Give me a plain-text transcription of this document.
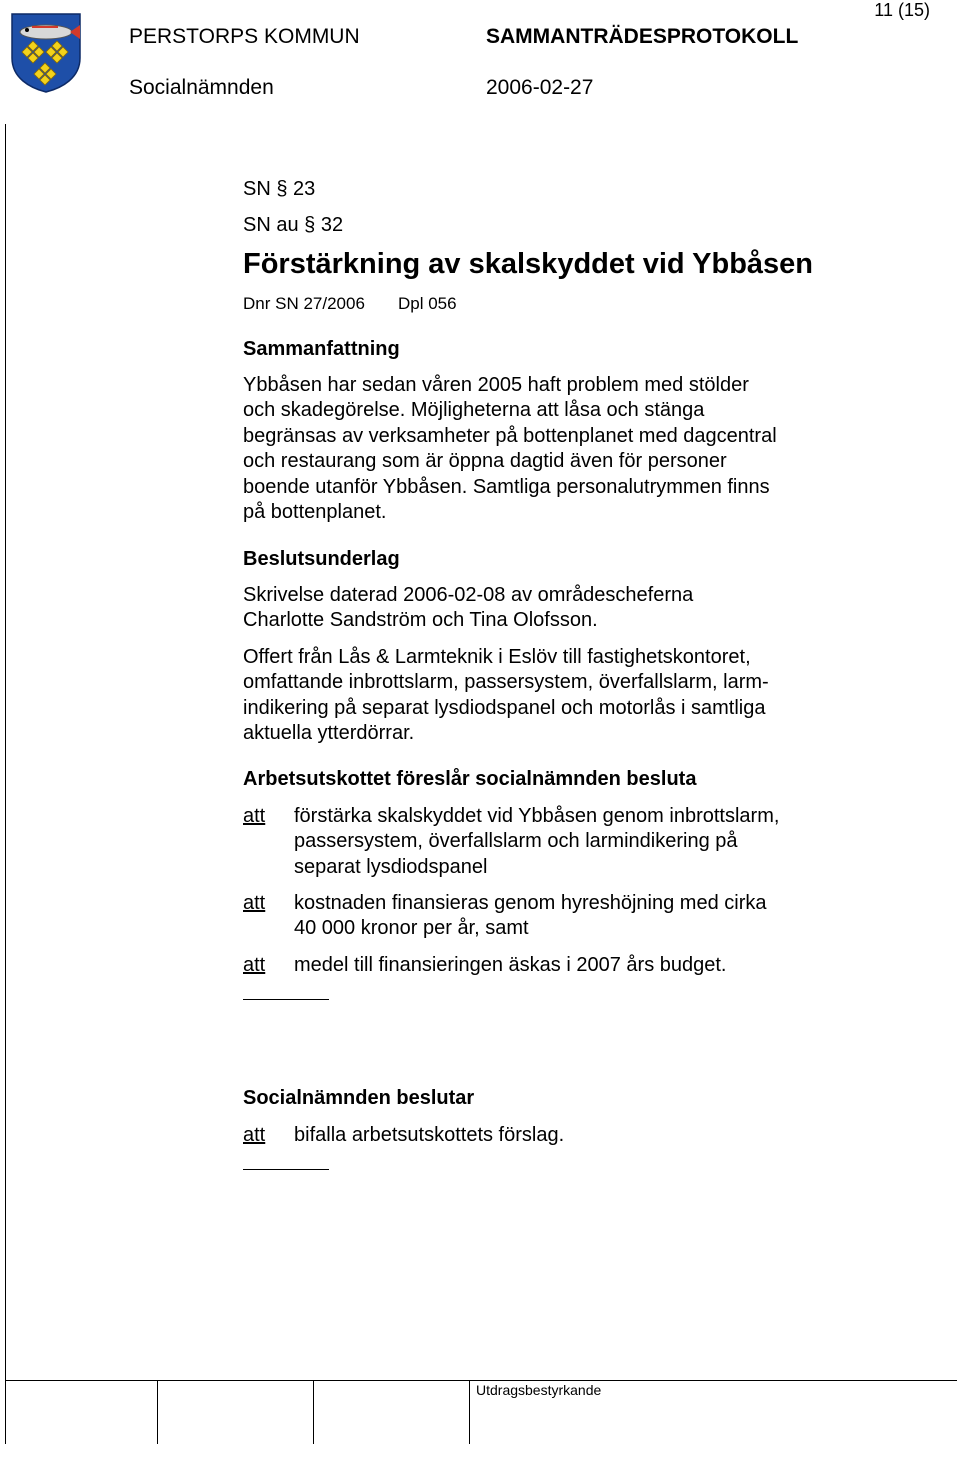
11 (15)
PERSTORPS KOMMUN	SAMMANTRÄDESPROTOKOLL
Socialnämnden	2006-02-27
SN § 23
SN au § 32
Förstärkning av skalskyddet vid Ybbåsen
Dnr SN 27/2006 Dpl 056
Sammanfattning
Ybbåsen har sedan våren 2005 haft problem med stölder
och skadegörelse. Möjligheterna att låsa och stänga
begränsas av verksamheter på bottenplanet med dagcentral
och restaurang som är öppna dagtid även för personer
boende utanför Ybbåsen. Samtliga personalutrymmen finns
på bottenplanet.
Beslutsunderlag
Skrivelse daterad 2006-02-08 av områdescheferna
Charlotte Sandström och Tina Olofsson.
Offert från Lås & Larmteknik i Eslöv till fastighetskontoret,
omfattande inbrottslarm, passersystem, överfallslarm, larm-
indikering på separat lysdiodspanel och motorlås i samtliga
aktuella ytterdörrar.
Arbetsutskottet föreslår socialnämnden besluta
att förstärka skalskyddet vid Ybbåsen genom inbrottslarm,
passersystem, överfallslarm och larmindikering på
separat lysdiodspanel
att kostnaden finansieras genom hyreshöjning med cirka
40 000 kronor per år, samt
att medel till finansieringen äskas i 2007 års budget.
Socialnämnden beslutar
att bifalla arbetsutskottets förslag.
Utdragsbestyrkande
